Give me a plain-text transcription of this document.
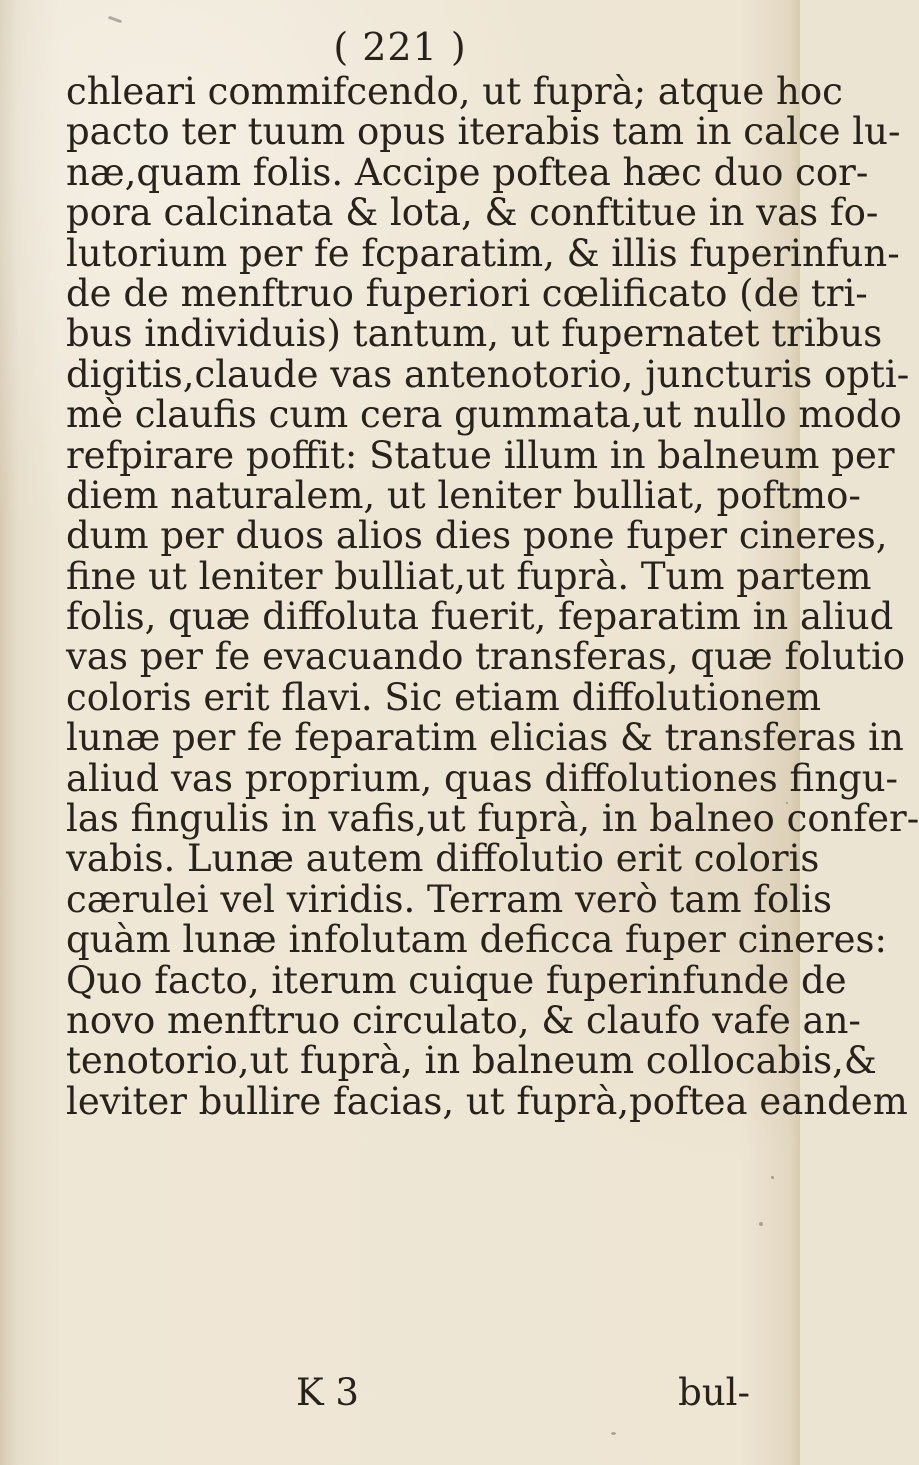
( 221 )
chleari commifcendo, ut fuprà; atque hoc
pacto ter tuum opus iterabis tam in calce lu-
næ,quam folis. Accipe poftea hæc duo cor-
pora calcinata & lota, & conftitue in vas fo-
lutorium per fe fcparatim, & illis fuperinfun-
de de menftruo fuperiori cœlificato (de tri-
bus individuis) tantum, ut fupernatet tribus
digitis,claude vas antenotorio, juncturis opti-
mè claufis cum cera gummata,ut nullo modo
refpirare poffit: Statue illum in balneum per
diem naturalem, ut leniter bulliat, poftmo-
dum per duos alios dies pone fuper cineres,
fine ut leniter bulliat,ut fuprà. Tum partem
folis, quæ diffoluta fuerit, feparatim in aliud
vas per fe evacuando transferas, quæ folutio
coloris erit flavi. Sic etiam diffolutionem
lunæ per fe feparatim elicias & transferas in
aliud vas proprium, quas diffolutiones fingu-
las fingulis in vafis,ut fuprà, in balneo confer-
vabis. Lunæ autem diffolutio erit coloris
cærulei vel viridis. Terram verò tam folis
quàm lunæ infolutam deficca fuper cineres:
Quo facto, iterum cuique fuperinfunde de
novo menftruo circulato, & claufo vafe an-
tenotorio,ut fuprà, in balneum collocabis,&
leviter bullire facias, ut fuprà,poftea eandem
K 3	bul-
